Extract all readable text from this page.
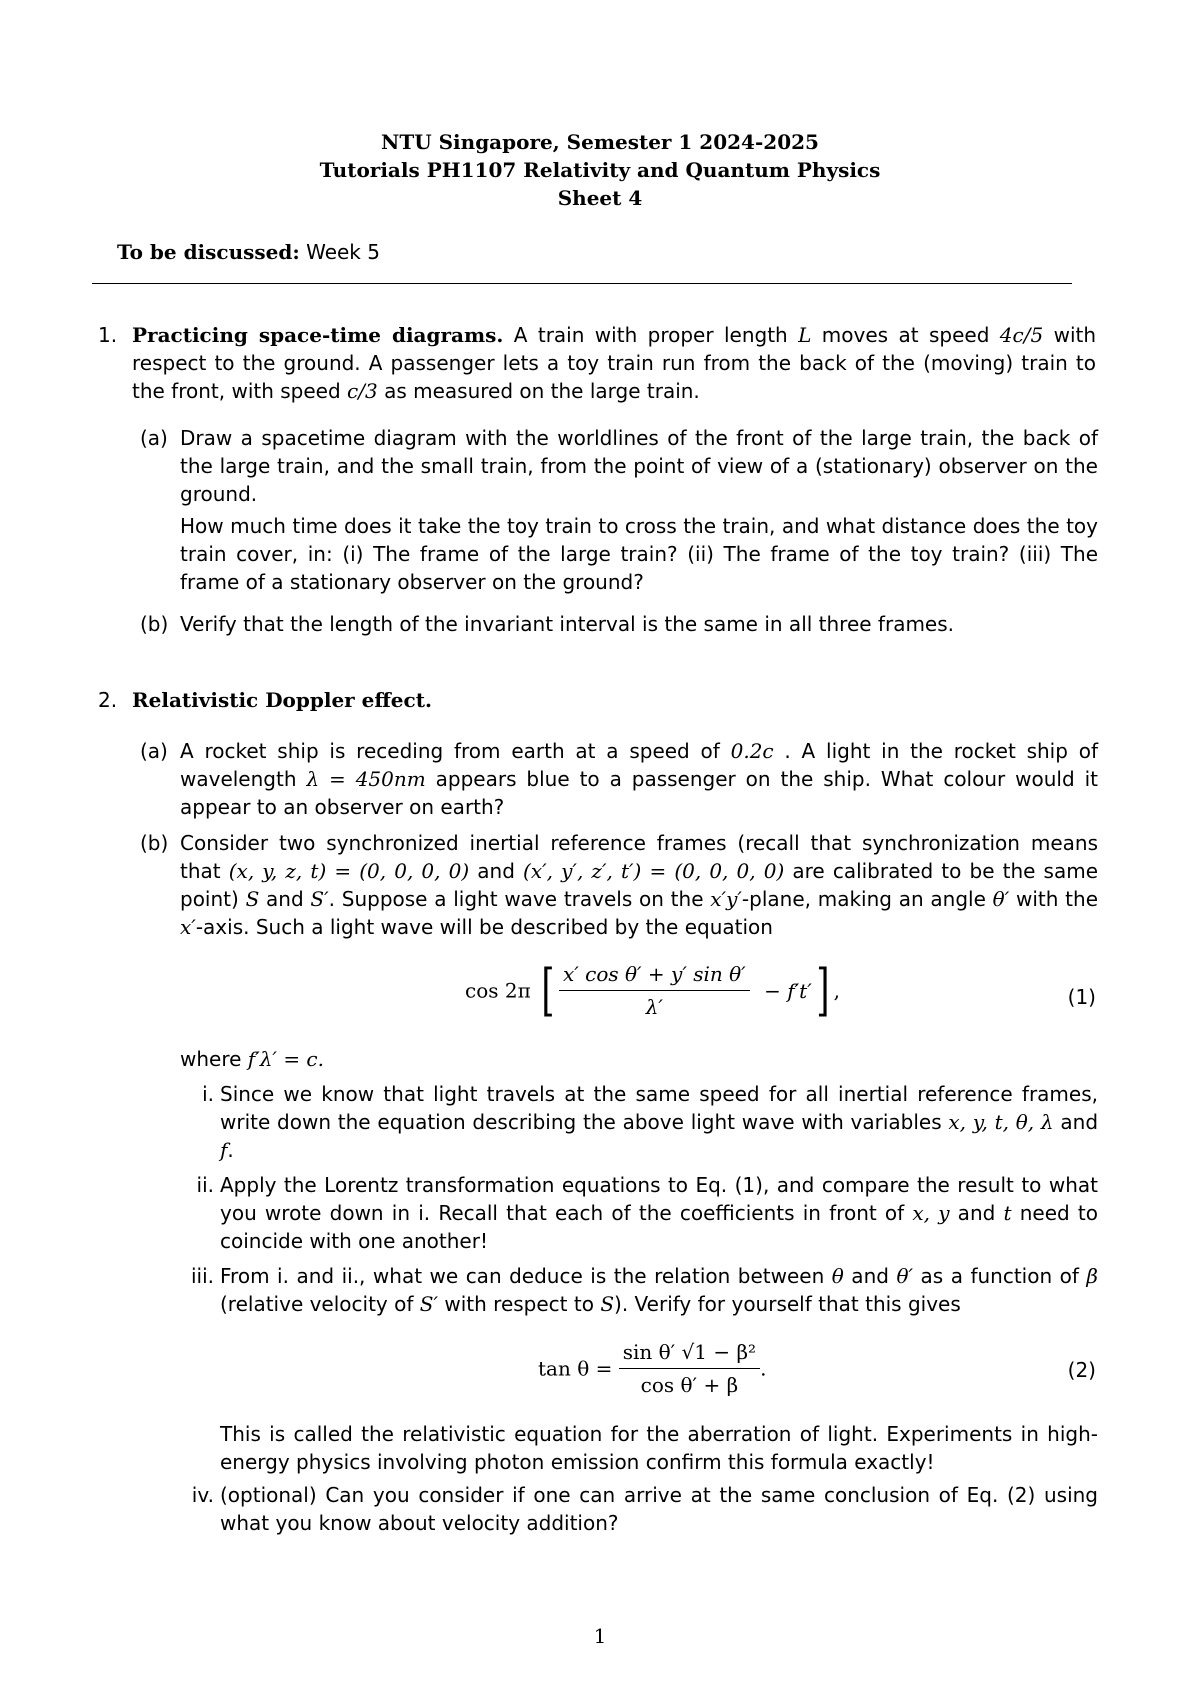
NTU Singapore, Semester 1 2024-2025
Tutorials PH1107 Relativity and Quantum Physics
Sheet 4
To be discussed: Week 5
1. Practicing space-time diagrams. A train with proper length L moves at speed 4c/5 with respect to the ground. A passenger lets a toy train run from the back of the (moving) train to the front, with speed c/3 as measured on the large train.

(a) Draw a spacetime diagram with the worldlines of the front of the large train, the back of the large train, and the small train, from the point of view of a (stationary) observer on the ground.

How much time does it take the toy train to cross the train, and what distance does the toy train cover, in: (i) The frame of the large train? (ii) The frame of the toy train? (iii) The frame of a stationary observer on the ground?

(b) Verify that the length of the invariant interval is the same in all three frames.

2. Relativistic Doppler effect.

(a) A rocket ship is receding from earth at a speed of 0.2c . A light in the rocket ship of wavelength λ = 450nm appears blue to a passenger on the ship. What colour would it appear to an observer on earth?

(b) Consider two synchronized inertial reference frames (recall that synchronization means that (x, y, z, t) = (0, 0, 0, 0) and (x′, y′, z′, t′) = (0, 0, 0, 0) are calibrated to be the same point) S and S′. Suppose a light wave travels on the x′y′-plane, making an angle θ′ with the x′-axis. Such a light wave will be described by the equation

cos 2π [ $\frac{\text{x′ cos θ′ + y′ sin θ′}}{\lambda'} - f't'$] ,	(1)

where f′λ′ = c.

i. Since we know that light travels at the same speed for all inertial reference frames, write down the equation describing the above light wave with variables x, y, t, θ, λ and f.

ii. Apply the Lorentz transformation equations to Eq. (1), and compare the result to what you wrote down in i. Recall that each of the coefficients in front of x, y and t need to coincide with one another!

iii. From i. and ii., what we can deduce is the relation between θ and θ′ as a function of β (relative velocity of S′ with respect to S). Verify for yourself that this gives

$\tan \theta = \frac{\text{sin θ′ √1 − β²}}{\text{cos θ′ + β}}$ .	(2)

This is called the relativistic equation for the aberration of light. Experiments in high-energy physics involving photon emission confirm this formula exactly!

iv. (optional) Can you consider if one can arrive at the same conclusion of Eq. (2) using what you know about velocity addition?

1
